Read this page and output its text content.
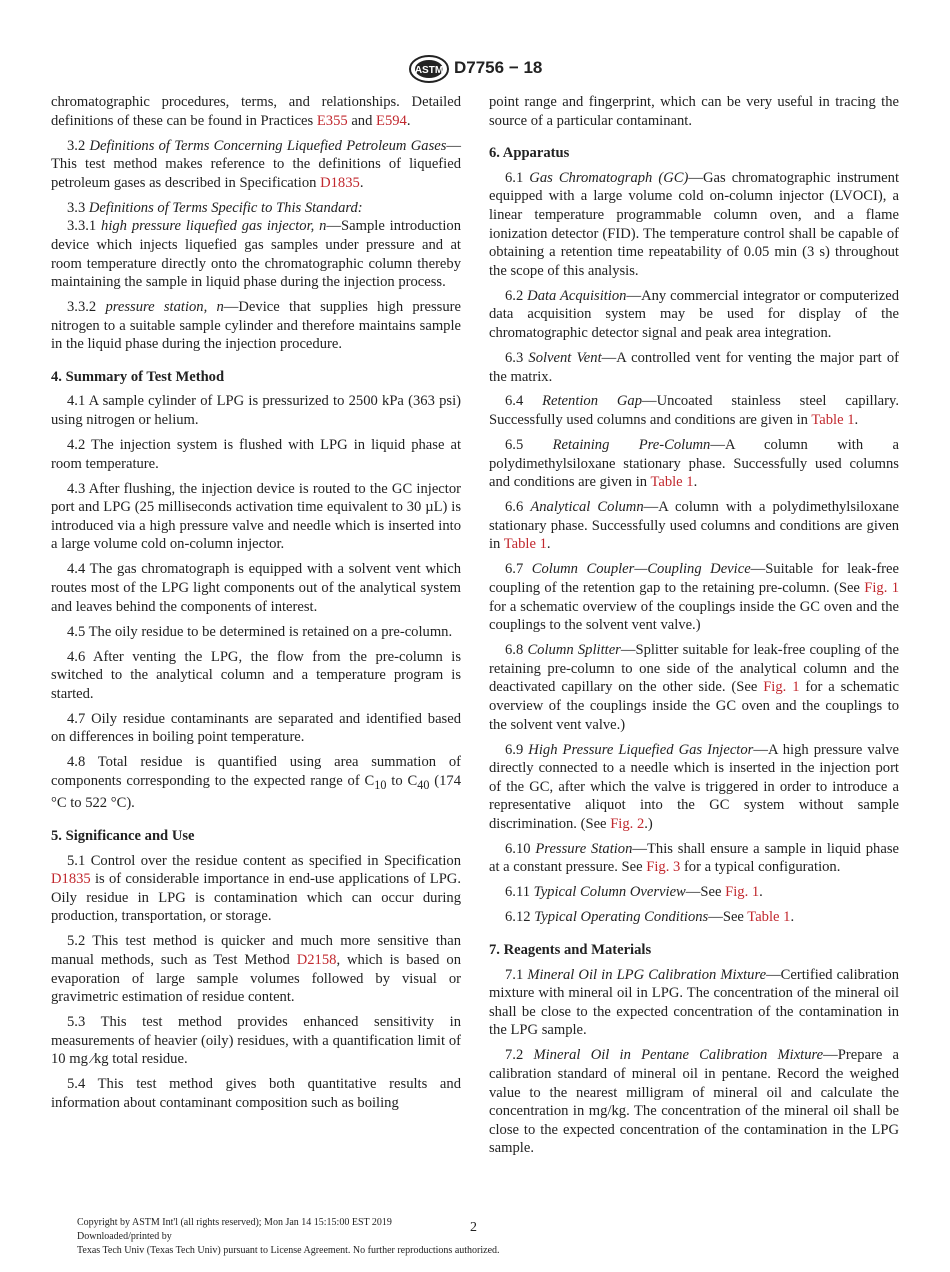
ASTM D7756 − 18

chromatographic procedures, terms, and relationships. Detailed definitions of these can be found in Practices E355 and E594.

3.2 Definitions of Terms Concerning Liquefied Petroleum Gases—This test method makes reference to the definitions of liquefied petroleum gases as described in Specification D1835.

3.3 Definitions of Terms Specific to This Standard:

3.3.1 high pressure liquefied gas injector, n—Sample introduction device which injects liquefied gas samples under pressure and at room temperature directly onto the chromatographic column thereby maintaining the sample in liquid phase during the injection process.

3.3.2 pressure station, n—Device that supplies high pressure nitrogen to a suitable sample cylinder and therefore maintains sample in the liquid phase during the injection procedure.

4. Summary of Test Method

4.1 A sample cylinder of LPG is pressurized to 2500 kPa (363 psi) using nitrogen or helium.

4.2 The injection system is flushed with LPG in liquid phase at room temperature.

4.3 After flushing, the injection device is routed to the GC injector port and LPG (25 milliseconds activation time equivalent to 30 µL) is introduced via a high pressure valve and needle which is inserted into a large volume cold on-column injector.

4.4 The gas chromatograph is equipped with a solvent vent which routes most of the LPG light components out of the analytical system and leaves behind the components of interest.

4.5 The oily residue to be determined is retained on a pre-column.

4.6 After venting the LPG, the flow from the pre-column is switched to the analytical column and a temperature program is started.

4.7 Oily residue contaminants are separated and identified based on differences in boiling point temperature.

4.8 Total residue is quantified using area summation of components corresponding to the expected range of $C_{10}$ to $C_{40}$ (174 °C to 522 °C).

5. Significance and Use

5.1 Control over the residue content as specified in Specification D1835 is of considerable importance in end-use applications of LPG. Oily residue in LPG is contamination which can occur during production, transportation, or storage.

5.2 This test method is quicker and much more sensitive than manual methods, such as Test Method D2158, which is based on evaporation of large sample volumes followed by visual or gravimetric estimation of residue content.

5.3 This test method provides enhanced sensitivity in measurements of heavier (oily) residues, with a quantification limit of 10 mg ⁄kg total residue.

5.4 This test method gives both quantitative results and information about contaminant composition such as boiling

point range and fingerprint, which can be very useful in tracing the source of a particular contaminant.

6. Apparatus

6.1 Gas Chromatograph (GC)—Gas chromatographic instrument equipped with a large volume cold on-column injector (LVOCI), a linear temperature programmable column oven, and a flame ionization detector (FID). The temperature control shall be capable of obtaining a retention time repeatability of 0.05 min (3 s) throughout the scope of this analysis.

6.2 Data Acquisition—Any commercial integrator or computerized data acquisition system may be used for display of the chromatographic detector signal and peak area integration.

6.3 Solvent Vent—A controlled vent for venting the major part of the matrix.

6.4 Retention Gap—Uncoated stainless steel capillary. Successfully used columns and conditions are given in Table 1.

6.5 Retaining Pre-Column—A column with a polydimethylsiloxane stationary phase. Successfully used columns and conditions are given in Table 1.

6.6 Analytical Column—A column with a polydimethylsiloxane stationary phase. Successfully used columns and conditions are given in Table 1.

6.7 Column Coupler—Coupling Device—Suitable for leak-free coupling of the retention gap to the retaining pre-column. (See Fig. 1 for a schematic overview of the couplings inside the GC oven and the couplings to the solvent vent valve.)

6.8 Column Splitter—Splitter suitable for leak-free coupling of the retaining pre-column to one side of the analytical column and the deactivated capillary on the other side. (See Fig. 1 for a schematic overview of the couplings inside the GC oven and the couplings to the solvent vent valve.)

6.9 High Pressure Liquefied Gas Injector—A high pressure valve directly connected to a needle which is inserted in the injection port of the GC, after which the valve is triggered in order to introduce a representative aliquot into the GC system without sample discrimination. (See Fig. 2.)

6.10 Pressure Station—This shall ensure a sample in liquid phase at a constant pressure. See Fig. 3 for a typical configuration.

6.11 Typical Column Overview—See Fig. 1.

6.12 Typical Operating Conditions—See Table 1.

7. Reagents and Materials

7.1 Mineral Oil in LPG Calibration Mixture—Certified calibration mixture with mineral oil in LPG. The concentration of the mineral oil shall be close to the expected concentration of the contamination in the LPG sample.

7.2 Mineral Oil in Pentane Calibration Mixture—Prepare a calibration standard of mineral oil in pentane. Record the weighed value to the nearest milligram of mineral oil and calculate the concentration in mg/kg. The concentration of the mineral oil shall be close to the expected concentration of the contamination in the LPG sample.

Copyright by ASTM Int'l (all rights reserved); Mon Jan 14 15:15:00 EST 2019
Downloaded/printed by
Texas Tech Univ (Texas Tech Univ) pursuant to License Agreement. No further reproductions authorized.
2
